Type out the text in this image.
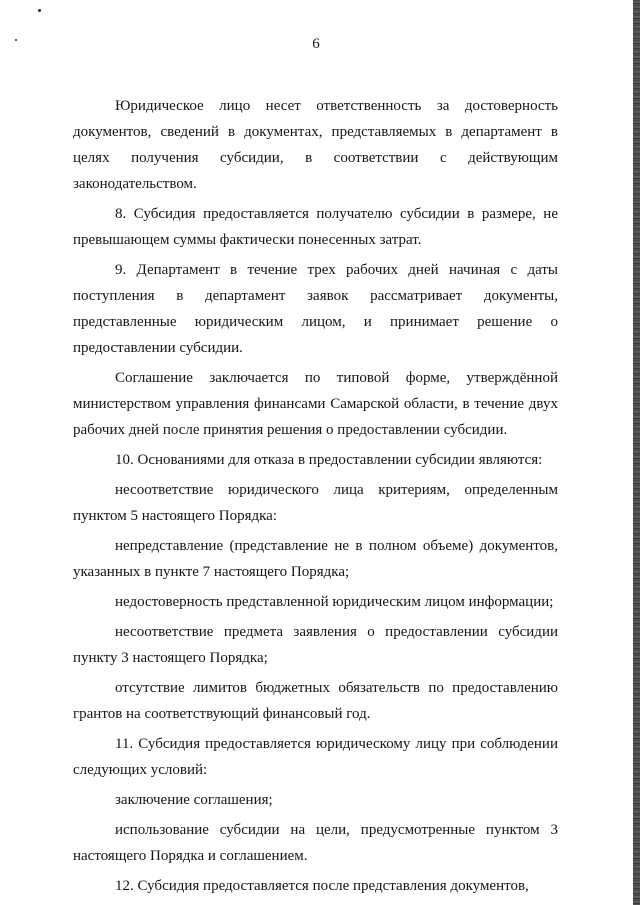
6

Юридическое лицо несет ответственность за достоверность документов, сведений в документах, представляемых в департамент в целях получения субсидии, в соответствии с действующим законодательством.

8. Субсидия предоставляется получателю субсидии в размере, не превышающем суммы фактически понесенных затрат.

9. Департамент в течение трех рабочих дней начиная с даты поступления в департамент заявок рассматривает документы, представленные юридическим лицом, и принимает решение о предоставлении субсидии.

Соглашение заключается по типовой форме, утверждённой министерством управления финансами Самарской области, в течение двух рабочих дней после принятия решения о предоставлении субсидии.

10. Основаниями для отказа в предоставлении субсидии являются:

несоответствие юридического лица критериям, определенным пунктом 5 настоящего Порядка:

непредставление (представление не в полном объеме) документов, указанных в пункте 7 настоящего Порядка;

недостоверность представленной юридическим лицом информации;

несоответствие предмета заявления о предоставлении субсидии пункту 3 настоящего Порядка;

отсутствие лимитов бюджетных обязательств по предоставлению грантов на соответствующий финансовый год.

11. Субсидия предоставляется юридическому лицу при соблюдении следующих условий:

заключение соглашения;

использование субсидии на цели, предусмотренные пунктом 3 настоящего Порядка и соглашением.

12. Субсидия предоставляется после представления документов,
